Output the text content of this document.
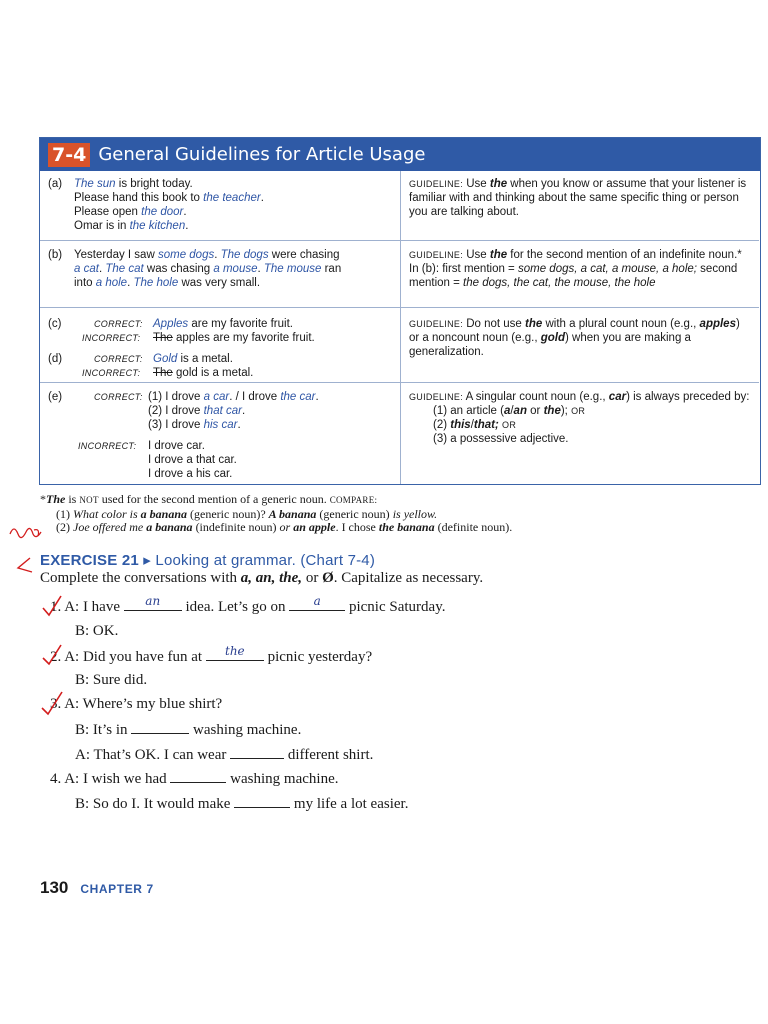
7-4 General Guidelines for Article Usage
(a)	The sun is bright today.
Please hand this book to the teacher.
Please open the door.
Omar is in the kitchen.
GUIDELINE: Use the when you know or assume that your listener is familiar with and thinking about the same specific thing or person you are talking about.
(b)	Yesterday I saw some dogs. The dogs were chasing
a cat. The cat was chasing a mouse. The mouse ran
into a hole. The hole was very small.
GUIDELINE: Use the for the second mention of an indefinite noun.* In (b): first mention = some dogs, a cat, a mouse, a hole; second mention = the dogs, the cat, the mouse, the hole
(c)	CORRECT: Apples are my favorite fruit.
INCORRECT: The apples are my favorite fruit.
(d)	CORRECT: Gold is a metal.
INCORRECT: The gold is a metal.
GUIDELINE: Do not use the with a plural count noun (e.g., apples) or a noncount noun (e.g., gold) when you are making a generalization.
(e)	CORRECT: (1) I drove a car. / I drove the car.
(2) I drove that car.
(3) I drove his car.
INCORRECT: I drove car.
I drove a that car.
I drove a his car.
GUIDELINE: A singular count noun (e.g., car) is always preceded by:
(1) an article (a/an or the); OR
(2) this/that; OR
(3) a possessive adjective.
*The is NOT used for the second mention of a generic noun. COMPARE:
(1) What color is a banana (generic noun)? A banana (generic noun) is yellow.
(2) Joe offered me a banana (indefinite noun) or an apple. I chose the banana (definite noun).
EXERCISE 21 ▸ Looking at grammar. (Chart 7-4)
Complete the conversations with a, an, the, or Ø. Capitalize as necessary.
1. A: I have	an	idea. Let’s go on	a	picnic Saturday.
B: OK.
2. A: Did you have fun at	the	picnic yesterday?
B: Sure did.
3. A: Where’s my blue shirt?
B: It’s in	washing machine.
A: That’s OK. I can wear	different shirt.
4. A: I wish we had	washing machine.
B: So do I. It would make	my life a lot easier.
130 CHAPTER 7
